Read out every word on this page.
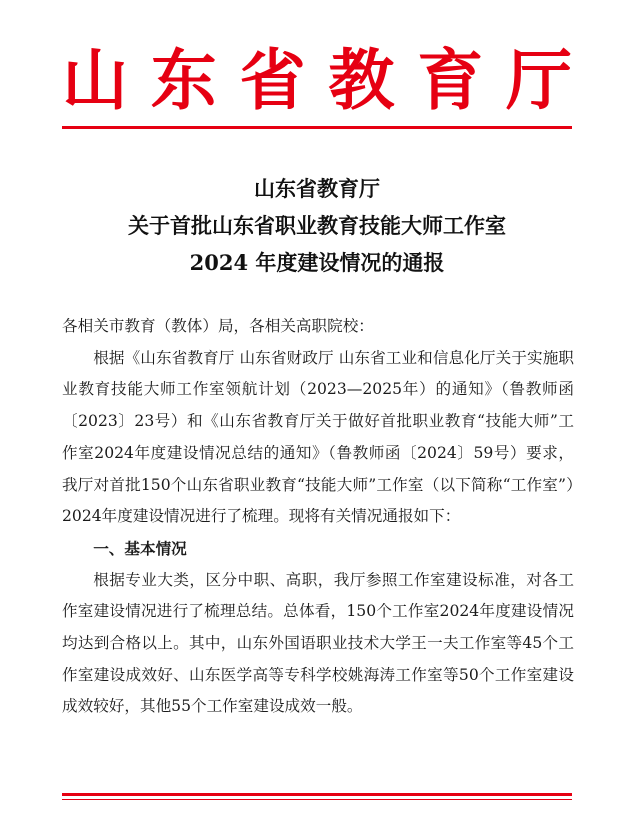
山 东 省 教 育 厅
山东省教育厅
关于首批山东省职业教育技能大师工作室
2024 年度建设情况的通报

各相关市教育（教体）局，各相关高职院校：

根据《山东省教育厅 山东省财政厅 山东省工业和信息化厅关于实施职业教育技能大师工作室领航计划（2023—2025年）的通知》（鲁教师函〔2023〕23号）和《山东省教育厅关于做好首批职业教育“技能大师”工作室2024年度建设情况总结的通知》（鲁教师函〔2024〕59号）要求，我厅对首批150个山东省职业教育“技能大师”工作室（以下简称“工作室”）2024年度建设情况进行了梳理。现将有关情况通报如下：

一、基本情况

根据专业大类，区分中职、高职，我厅参照工作室建设标准，对各工作室建设情况进行了梳理总结。总体看，150个工作室2024年度建设情况均达到合格以上。其中，山东外国语职业技术大学王一夫工作室等45个工作室建设成效好、山东医学高等专科学校姚海涛工作室等50个工作室建设成效较好，其他55个工作室建设成效一般。
